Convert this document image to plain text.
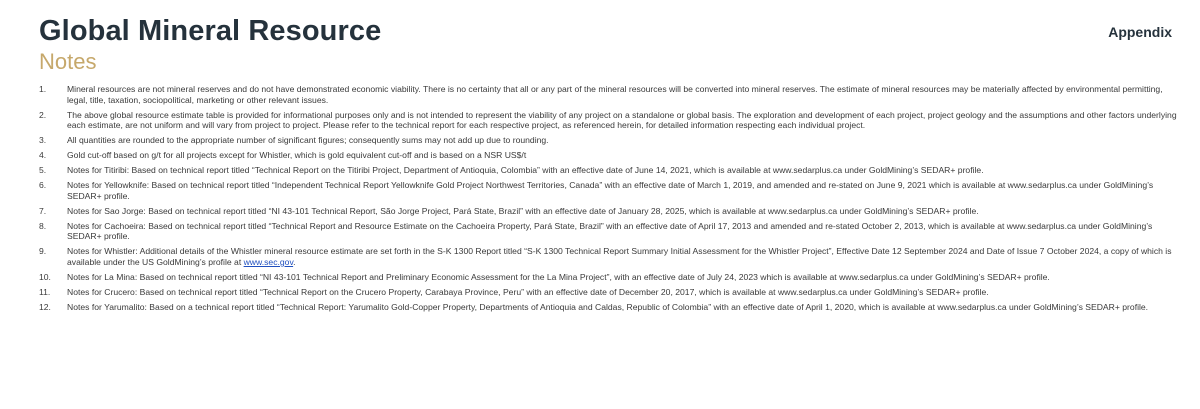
Global Mineral Resource
Notes
Appendix
1.	Mineral resources are not mineral reserves and do not have demonstrated economic viability. There is no certainty that all or any part of the mineral resources will be converted into mineral reserves. The estimate of mineral resources may be materially affected by environmental permitting, legal, title, taxation, sociopolitical, marketing or other relevant issues.
2.	The above global resource estimate table is provided for informational purposes only and is not intended to represent the viability of any project on a standalone or global basis. The exploration and development of each project, project geology and the assumptions and other factors underlying each estimate, are not uniform and will vary from project to project. Please refer to the technical report for each respective project, as referenced herein, for detailed information respecting each individual project.
3.	All quantities are rounded to the appropriate number of significant figures; consequently sums may not add up due to rounding.
4.	Gold cut-off based on g/t for all projects except for Whistler, which is gold equivalent cut-off and is based on a NSR US$/t
5.	Notes for Titiribi: Based on technical report titled “Technical Report on the Titiribi Project, Department of Antioquia, Colombia” with an effective date of June 14, 2021, which is available at www.sedarplus.ca under GoldMining’s SEDAR+ profile.
6.	Notes for Yellowknife: Based on technical report titled “Independent Technical Report Yellowknife Gold Project Northwest Territories, Canada” with an effective date of March 1, 2019, and amended and re-stated on June 9, 2021 which is available at www.sedarplus.ca under GoldMining’s SEDAR+ profile.
7.	Notes for Sao Jorge: Based on technical report titled “NI 43-101 Technical Report, São Jorge Project, Pará State, Brazil” with an effective date of January 28, 2025, which is available at www.sedarplus.ca under GoldMining’s SEDAR+ profile.
8.	Notes for Cachoeira: Based on technical report titled “Technical Report and Resource Estimate on the Cachoeira Property, Pará State, Brazil” with an effective date of April 17, 2013 and amended and re-stated October 2, 2013, which is available at www.sedarplus.ca under GoldMining’s SEDAR+ profile.
9.	Notes for Whistler: Additional details of the Whistler mineral resource estimate are set forth in the S-K 1300 Report titled “S-K 1300 Technical Report Summary Initial Assessment for the Whistler Project”, Effective Date 12 September 2024 and Date of Issue 7 October 2024, a copy of which is available under the US GoldMining’s profile at www.sec.gov.
10.	Notes for La Mina: Based on technical report titled “NI 43-101 Technical Report and Preliminary Economic Assessment for the La Mina Project”, with an effective date of July 24, 2023 which is available at www.sedarplus.ca under GoldMining’s SEDAR+ profile.
11.	Notes for Crucero: Based on technical report titled “Technical Report on the Crucero Property, Carabaya Province, Peru” with an effective date of December 20, 2017, which is available at www.sedarplus.ca under GoldMining’s SEDAR+ profile.
12.	Notes for Yarumalito: Based on a technical report titled “Technical Report: Yarumalito Gold-Copper Property, Departments of Antioquia and Caldas, Republic of Colombia” with an effective date of April 1, 2020, which is available at www.sedarplus.ca under GoldMining’s SEDAR+ profile.
